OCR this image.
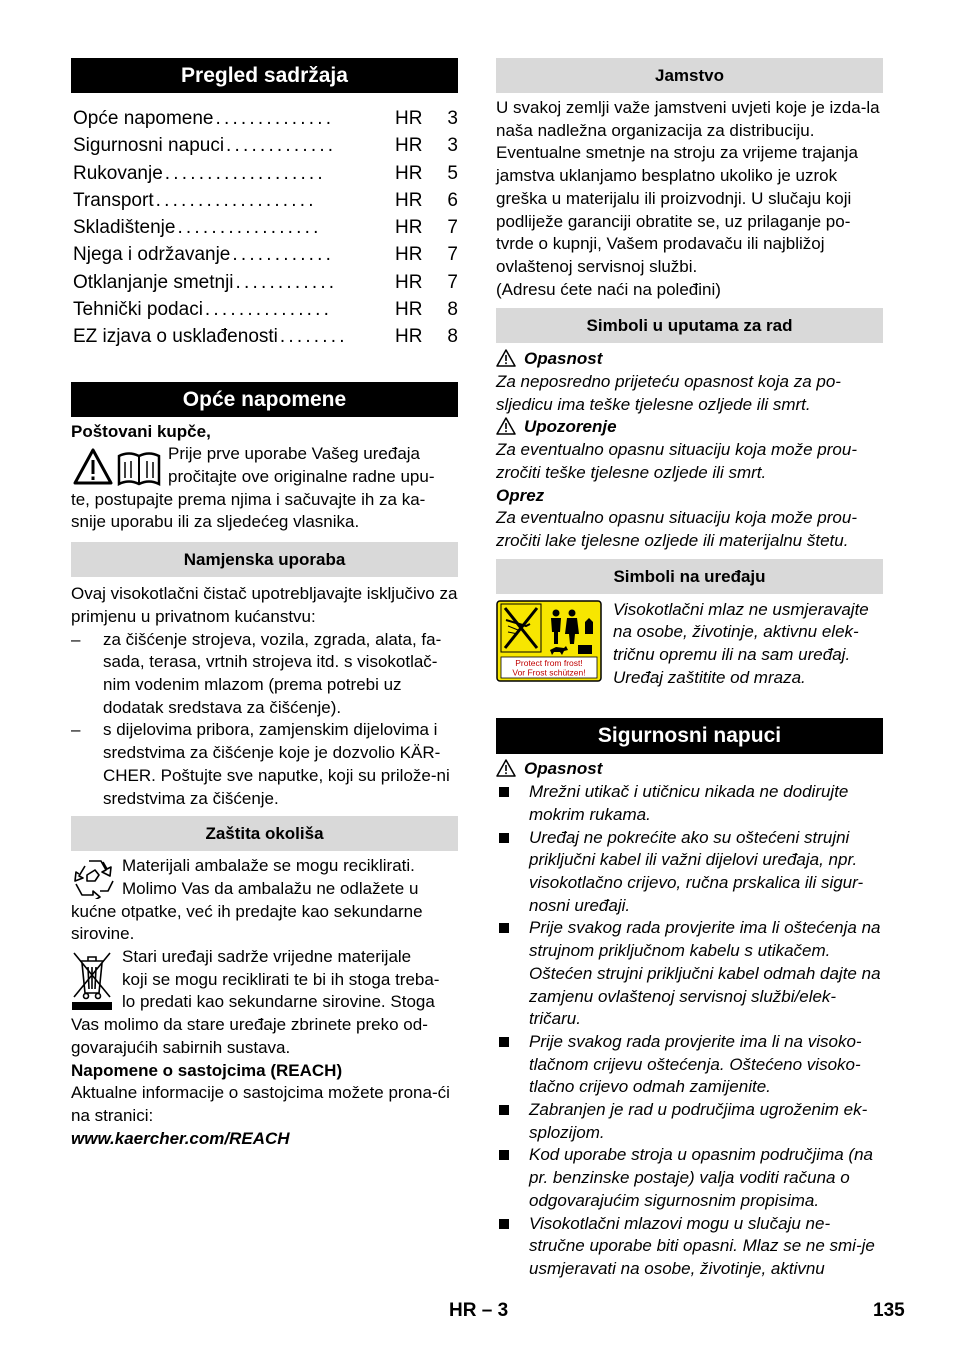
Pregled sadržaja
Opće napomene ..............	HR	3
Sigurnosni napuci .............	HR	3
Rukovanje ...................	HR	5
Transport ...................	HR	6
Skladištenje .................	HR	7
Njega i održavanje ............	HR	7
Otklanjanje smetnji ............	HR	7
Tehnički podaci ...............	HR	8
EZ izjava o usklađenosti ........	HR	8
Opće napomene

Poštovani kupče,

Prije prve uporabe Vašeg uređaja

pročitajte ove originalne radne upu-

te, postupajte prema njima i sačuvajte ih za ka-snije uporabu ili za sljedećeg vlasnika.

Namjenska uporaba

Ovaj visokotlačni čistač upotrebljavajte isključivo za primjenu u privatnom kućanstvu:

– za čišćenje strojeva, vozila, zgrada, alata, fa-sada, terasa, vrtnih strojeva itd. s visokotlač-nim vodenim mlazom (prema potrebi uz dodatak sredstava za čišćenje).
– s dijelovima pribora, zamjenskim dijelovima i sredstvima za čišćenje koje je dozvolio KÄR-CHER. Poštujte sve naputke, koji su prilože-ni sredstvima za čišćenje.
Zaštita okoliša

Materijali ambalaže se mogu reciklirati.

Molimo Vas da ambalažu ne odlažete u

kućne otpatke, već ih predajte kao sekundarne sirovine.

Stari uređaji sadrže vrijedne materijale

koji se mogu reciklirati te bi ih stoga treba-

lo predati kao sekundarne sirovine. Stoga

Vas molimo da stare uređaje zbrinete preko od-govarajućih sabirnih sustava.

Napomene o sastojcima (REACH)

Aktualne informacije o sastojcima možete prona-ći na stranici:

www.kaercher.com/REACH

Jamstvo

U svakoj zemlji važe jamstveni uvjeti koje je izda-la naša nadležna organizacija za distribuciju. Eventualne smetnje na stroju za vrijeme trajanja jamstva uklanjamo besplatno ukoliko je uzrok greška u materijalu ili proizvodnji. U slučaju koji podliježe garanciji obratite se, uz prilaganje po-tvrde o kupnji, Vašem prodavaču ili najbližoj ovlaštenoj servisnoj službi.

(Adresu ćete naći na poleđini)

Simboli u uputama za rad

Opasnost

Za neposredno prijeteću opasnost koja za po-sljedicu ima teške tjelesne ozljede ili smrt.

Upozorenje

Za eventualno opasnu situaciju koja može prou-zročiti teške tjelesne ozljede ili smrt.

Oprez

Za eventualno opasnu situaciju koja može prou-zročiti lake tjelesne ozljede ili materijalnu štetu.

Simboli na uređaju
Protect from frost!
Vor Frost schützen!

Visokotlačni mlaz ne usmjeravajte na osobe, životinje, aktivnu elek-tričnu opremu ili na sam uređaj. Uređaj zaštitite od mraza.

Sigurnosni napuci

Opasnost

Mrežni utikač i utičnicu nikada ne dodirujte mokrim rukama.
Uređaj ne pokrećite ako su oštećeni strujni priključni kabel ili važni dijelovi uređaja, npr. visokotlačno crijevo, ručna prskalica ili sigur-nosni uređaji.
Prije svakog rada provjerite ima li oštećenja na strujnom priključnom kabelu s utikačem. Oštećen strujni priključni kabel odmah dajte na zamjenu ovlaštenoj servisnoj službi/elek-tričaru.
Prije svakog rada provjerite ima li na visoko-tlačnom crijevu oštećenja. Oštećeno visoko-tlačno crijevo odmah zamijenite.
Zabranjen je rad u područjima ugroženim ek-splozijom.
Kod uporabe stroja u opasnim područjima (na pr. benzinske postaje) valja voditi računa o odgovarajućim sigurnosnim propisima.
Visokotlačni mlazovi mogu u slučaju ne-stručne uporabe biti opasni. Mlaz se ne smi-je usmjeravati na osobe, životinje, aktivnu
HR – 3	135
